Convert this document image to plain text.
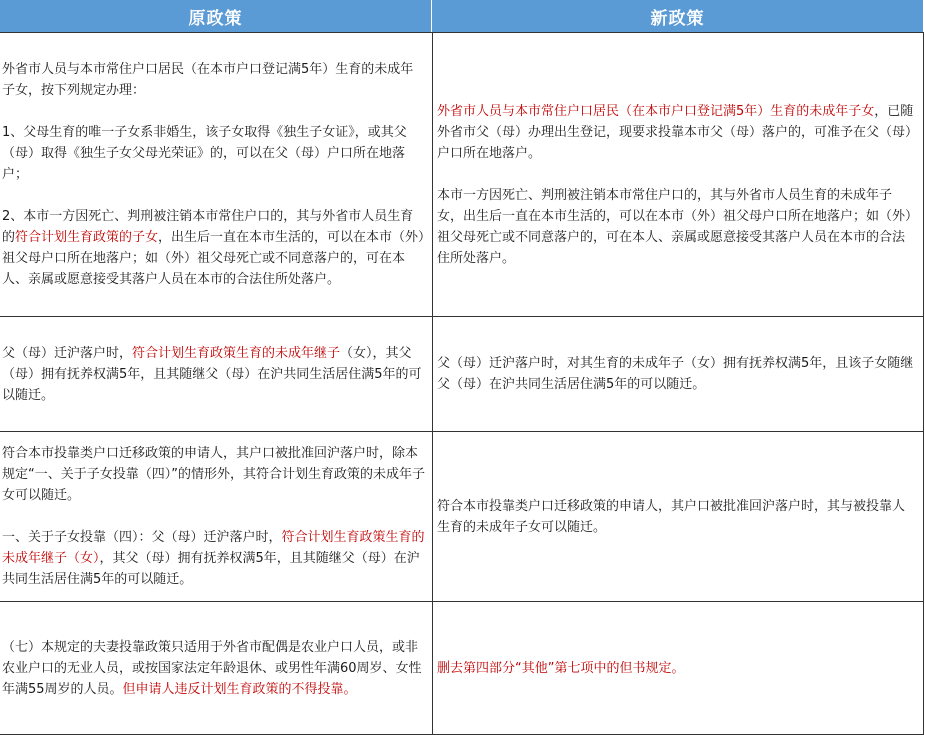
原政策	新政策

外省市人员与本市常住户口居民（在本市户口登记满5年）生育的未成年子女，按下列规定办理：

1、父母生育的唯一子女系非婚生，该子女取得《独生子女证》，或其父（母）取得《独生子女父母光荣证》的，可以在父（母）户口所在地落户；

2、本市一方因死亡、判刑被注销本市常住户口的，其与外省市人员生育的符合计划生育政策的子女，出生后一直在本市生活的，可以在本市（外）祖父母户口所在地落户；如（外）祖父母死亡或不同意落户的，可在本人、亲属或愿意接受其落户人员在本市的合法住所处落户。

外省市人员与本市常住户口居民（在本市户口登记满5年）生育的未成年子女，已随外省市父（母）办理出生登记，现要求投靠本市父（母）落户的，可准予在父（母）户口所在地落户。

本市一方因死亡、判刑被注销本市常住户口的，其与外省市人员生育的未成年子女，出生后一直在本市生活的，可以在本市（外）祖父母户口所在地落户；如（外）祖父母死亡或不同意落户的，可在本人、亲属或愿意接受其落户人员在本市的合法住所处落户。

父（母）迁沪落户时，符合计划生育政策生育的未成年继子（女），其父（母）拥有抚养权满5年，且其随继父（母）在沪共同生活居住满5年的可以随迁。

父（母）迁沪落户时，对其生育的未成年子（女）拥有抚养权满5年，且该子女随继父（母）在沪共同生活居住满5年的可以随迁。

符合本市投靠类户口迁移政策的申请人，其户口被批准回沪落户时，除本规定“一、关于子女投靠（四）”的情形外，其符合计划生育政策的未成年子女可以随迁。

一、关于子女投靠（四）：父（母）迁沪落户时，符合计划生育政策生育的未成年继子（女），其父（母）拥有抚养权满5年，且其随继父（母）在沪共同生活居住满5年的可以随迁。

符合本市投靠类户口迁移政策的申请人，其户口被批准回沪落户时，其与被投靠人生育的未成年子女可以随迁。

（七）本规定的夫妻投靠政策只适用于外省市配偶是农业户口人员，或非农业户口的无业人员，或按国家法定年龄退休、或男性年满60周岁、女性年满55周岁的人员。但申请人违反计划生育政策的不得投靠。

删去第四部分“其他”第七项中的但书规定。
